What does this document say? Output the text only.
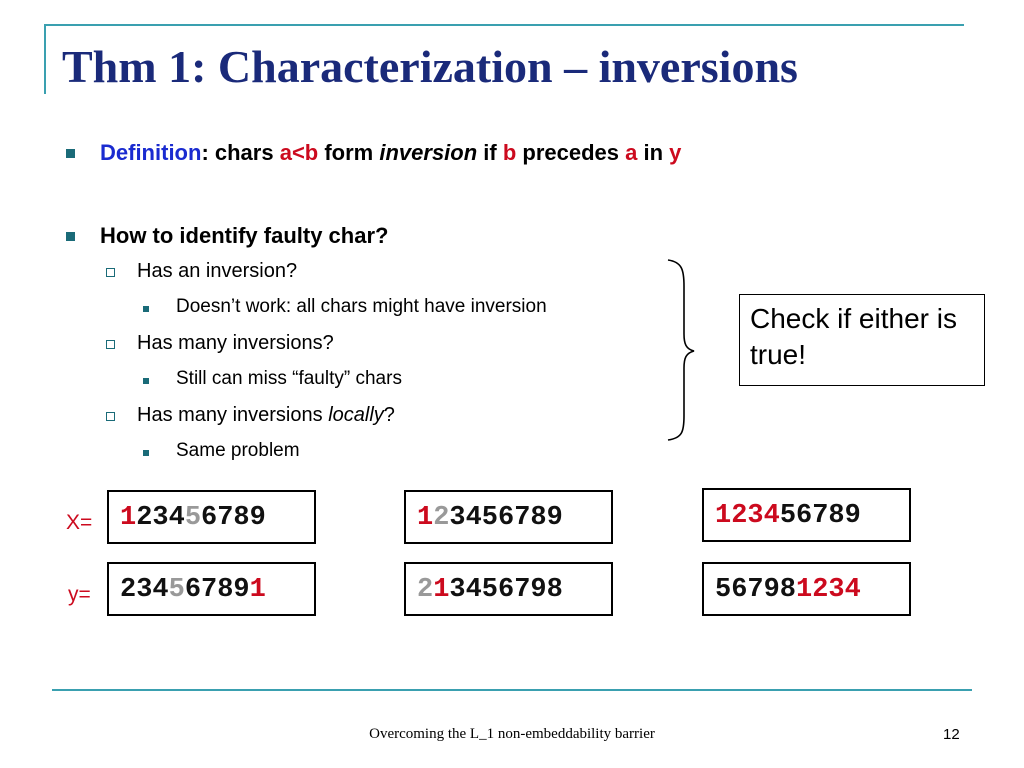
Thm 1: Characterization – inversions
Definition: chars a<b form inversion if b precedes a in y
How to identify faulty char?
Has an inversion?
Doesn’t work: all chars might have inversion
Has many inversions?
Still can miss “faulty” chars
Has many inversions locally?
Same problem
Check if either is true!
X=
y=
123456789
234567891
123456789
213456798
123456789
567981234
Overcoming the L_1 non-embeddability barrier	12
